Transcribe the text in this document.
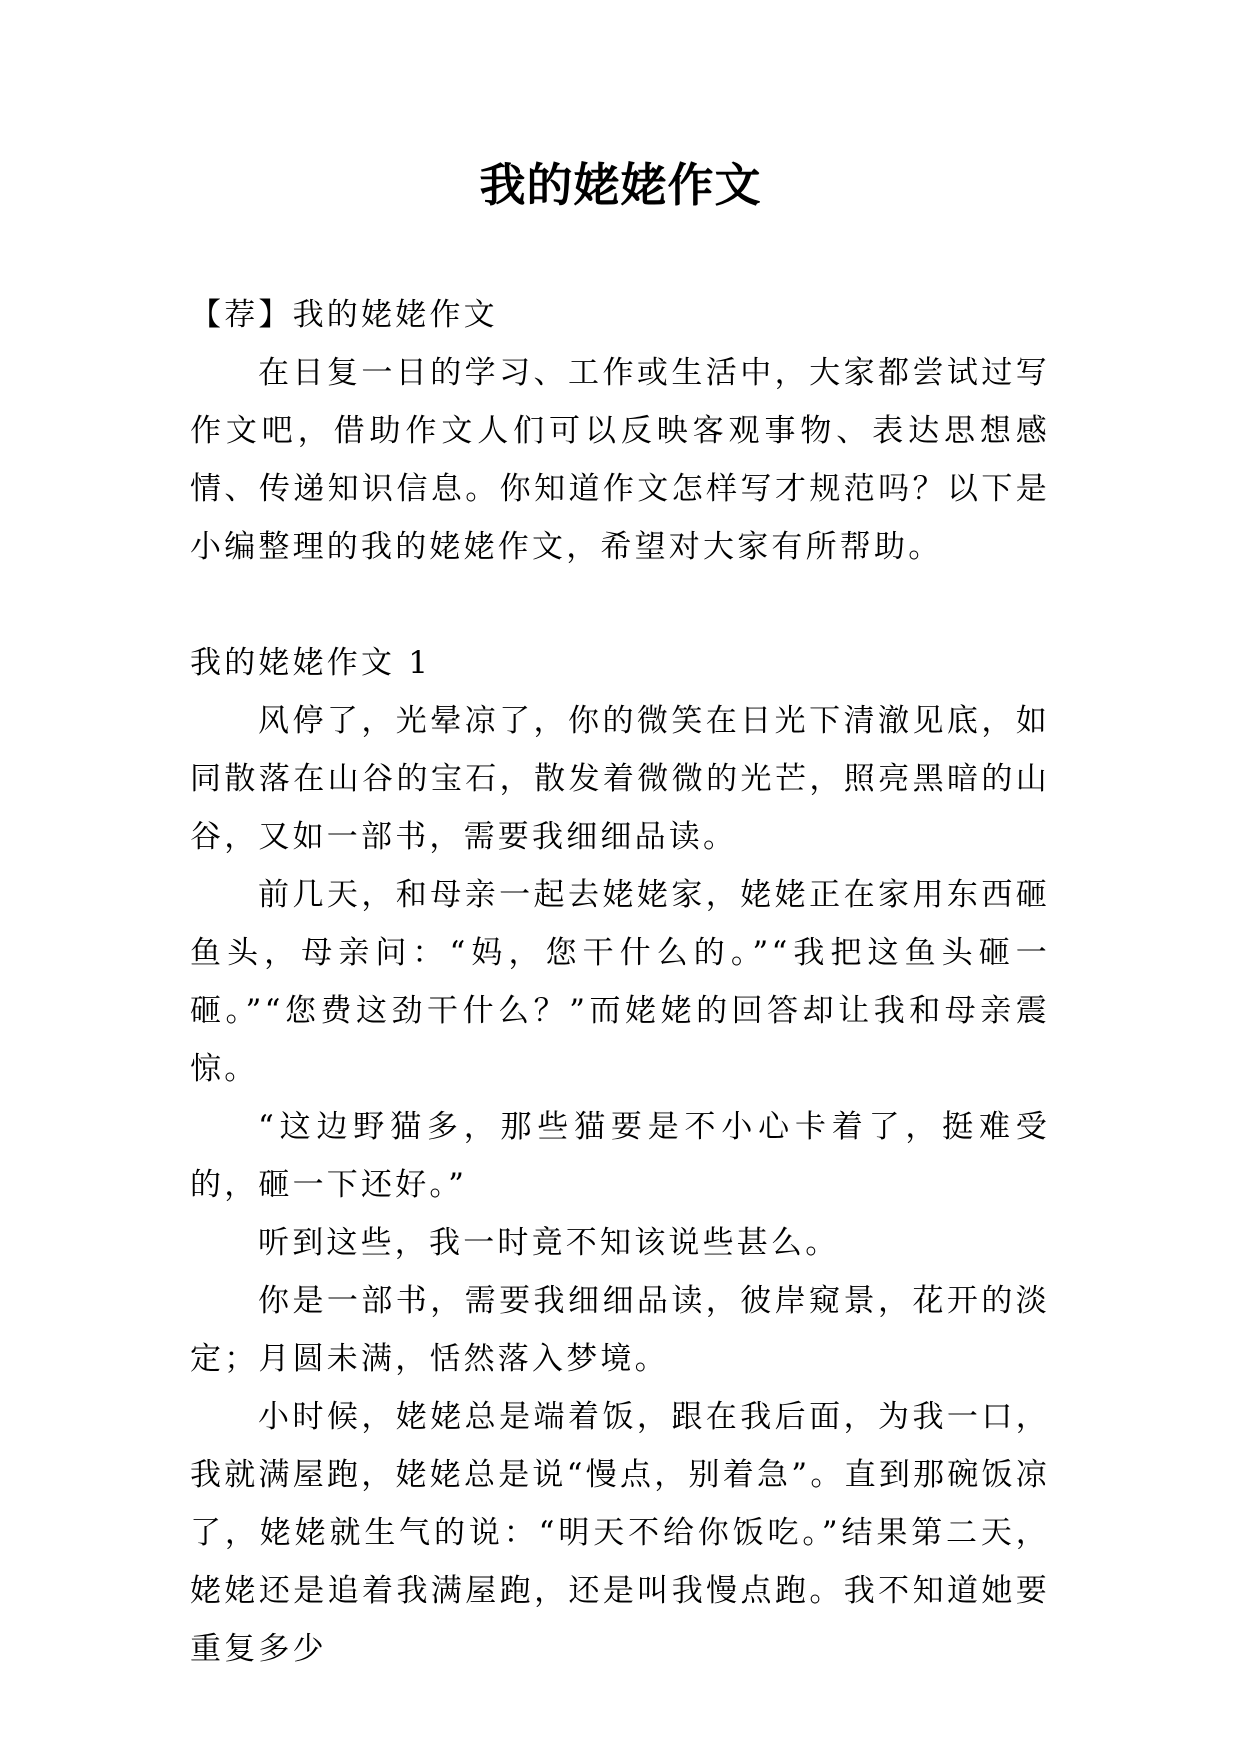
我的姥姥作文

【荐】我的姥姥作文

在日复一日的学习、工作或生活中，大家都尝试过写作文吧，借助作文人们可以反映客观事物、表达思想感情、传递知识信息。你知道作文怎样写才规范吗？以下是小编整理的我的姥姥作文，希望对大家有所帮助。

我的姥姥作文 1

风停了，光晕凉了，你的微笑在日光下清澈见底，如同散落在山谷的宝石，散发着微微的光芒，照亮黑暗的山谷，又如一部书，需要我细细品读。

前几天，和母亲一起去姥姥家，姥姥正在家用东西砸鱼头，母亲问：“妈，您干什么的。”“我把这鱼头砸一砸。”“您费这劲干什么？”而姥姥的回答却让我和母亲震惊。

“这边野猫多，那些猫要是不小心卡着了，挺难受的，砸一下还好。”

听到这些，我一时竟不知该说些甚么。

你是一部书，需要我细细品读，彼岸窥景，花开的淡定；月圆未满，恬然落入梦境。

小时候，姥姥总是端着饭，跟在我后面，为我一口，我就满屋跑，姥姥总是说“慢点，别着急”。直到那碗饭凉了，姥姥就生气的说：“明天不给你饭吃。”结果第二天，姥姥还是追着我满屋跑，还是叫我慢点跑。我不知道她要重复多少
